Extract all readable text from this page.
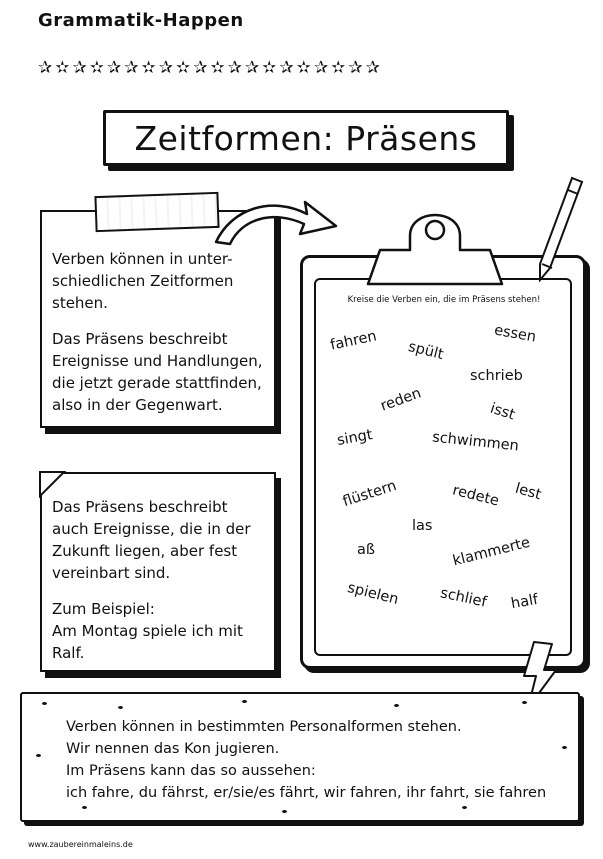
Grammatik-Happen
✰✫✰✫✰✰✫✰✫✰✫✰✰✫✰✫✰✫✰✰
Zeitformen: Präsens

Verben können in unter-schiedlichen Zeitformen stehen.

Das Präsens beschreibt Ereignisse und Handlungen, die jetzt gerade stattfinden, also in der Gegenwart.

Das Präsens beschreibt auch Ereignisse, die in der Zukunft liegen, aber fest vereinbart sind.

Zum Beispiel:
Am Montag spiele ich mit Ralf.

Kreise die Verben ein, die im Präsens stehen!
fahren spült
essen
schrieb
reden	isst
singt	schwimmen
flüstern	redete lest
las
aß	klammerte
spielen	schlief half
Verben können in bestimmten Personalformen stehen.
Wir nennen das Kon jugieren.
Im Präsens kann das so aussehen:
ich fahre, du fährst, er/sie/es fährt, wir fahren, ihr fahrt, sie fahren
www.zaubereinmaleins.de
